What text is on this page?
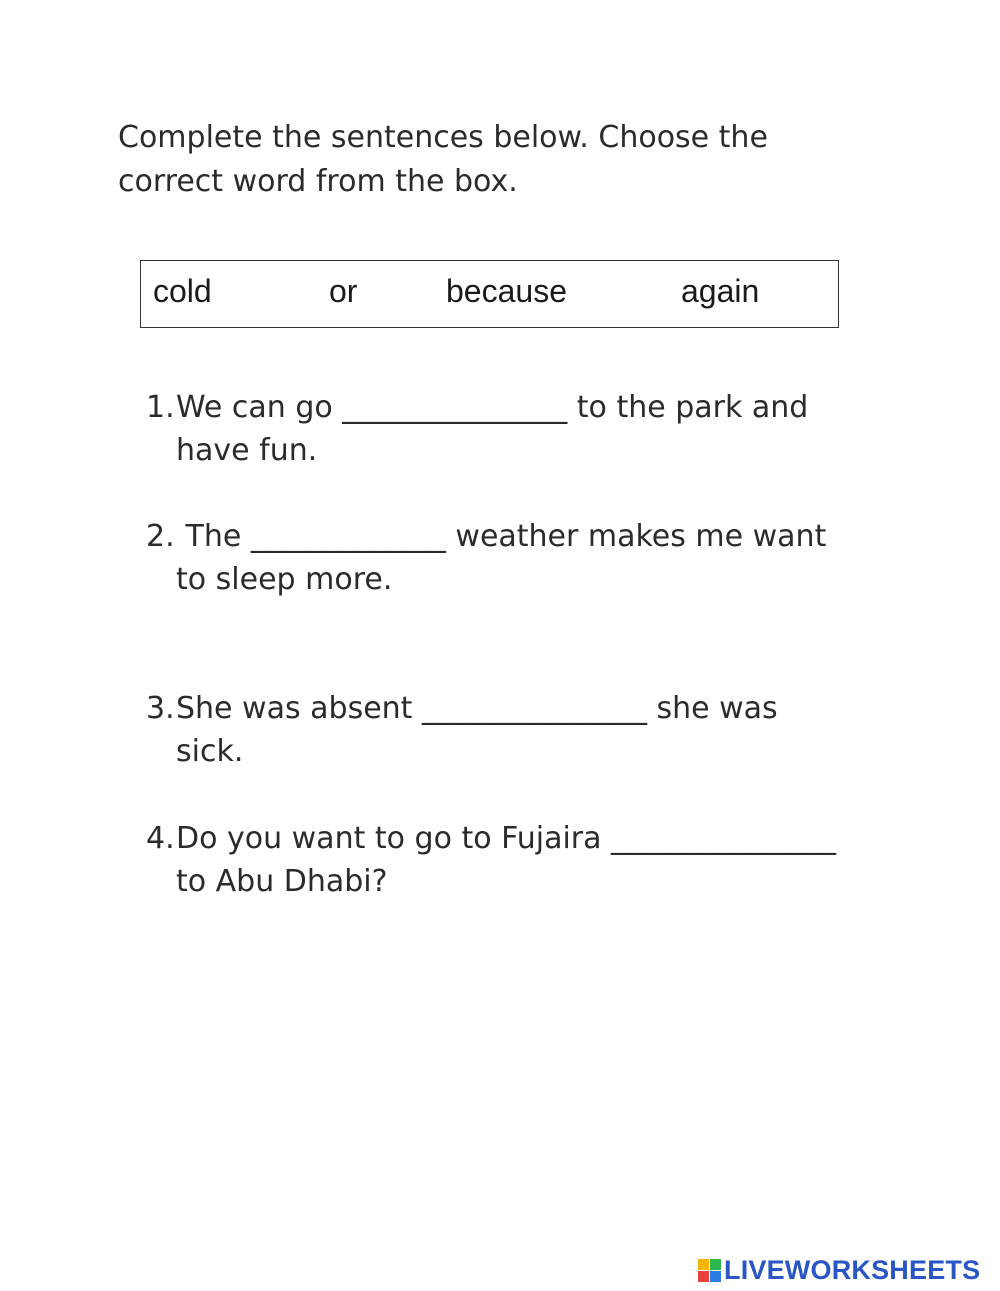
Complete the sentences below. Choose the
correct word from the box.

cold	or	because	again
1. We can go _______________ to the park and
have fun.
2. The _____________ weather makes me want
to sleep more.
3. She was absent _______________ she was
sick.
4. Do you want to go to Fujaira _______________
to Abu Dhabi?
LIVEWORKSHEETS
